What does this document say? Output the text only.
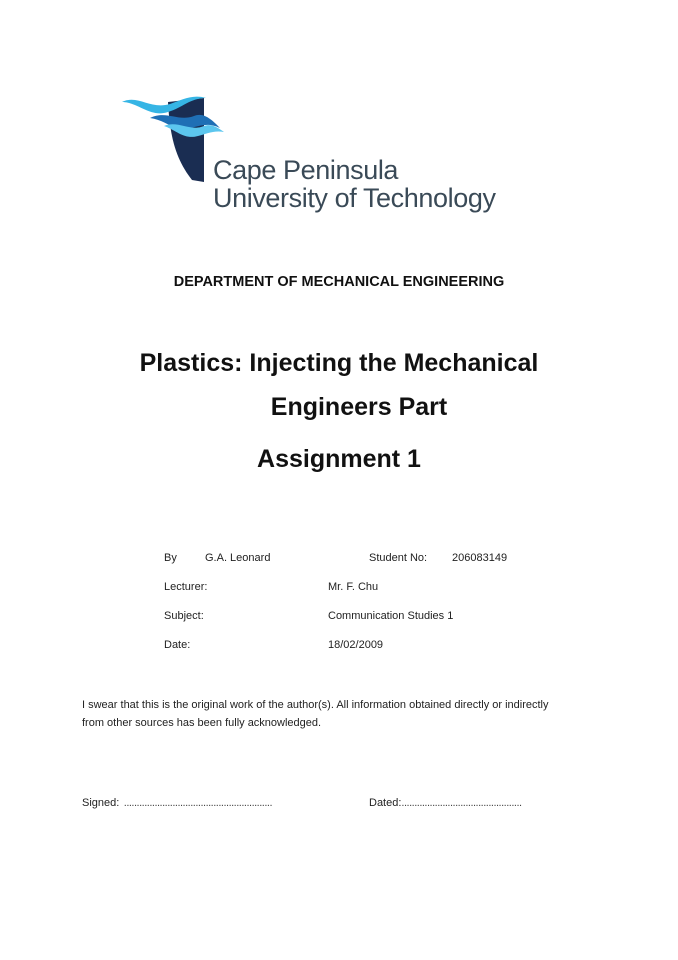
Cape Peninsula
University of Technology
DEPARTMENT OF MECHANICAL ENGINEERING
Plastics: Injecting the Mechanical
Engineers Part
Assignment 1
By	G.A. Leonard	Student No: 206083149
Lecturer:	Mr. F. Chu
Subject:	Communication Studies 1
Date:	18/02/2009
I swear that this is the original work of the author(s). All information obtained directly or indirectly
from other sources has been fully acknowledged.
Signed: ..........................................................	Dated:...............................................
